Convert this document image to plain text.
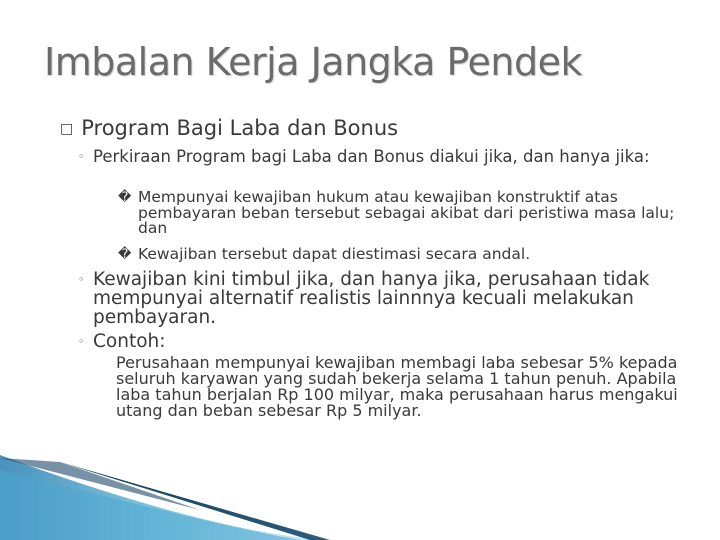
Imbalan Kerja Jangka Pendek
□ Program Bagi Laba dan Bonus
◦ Perkiraan Program bagi Laba dan Bonus diakui jika, dan hanya jika:
� Mempunyai kewajiban hukum atau kewajiban konstruktif atas pembayaran beban tersebut sebagai akibat dari peristiwa masa lalu; dan
� Kewajiban tersebut dapat diestimasi secara andal.
◦ Kewajiban kini timbul jika, dan hanya jika, perusahaan tidak mempunyai alternatif realistis lainnnya kecuali melakukan pembayaran.
◦ Contoh:
Perusahaan mempunyai kewajiban membagi laba sebesar 5% kepada seluruh karyawan yang sudah bekerja selama 1 tahun penuh. Apabila laba tahun berjalan Rp 100 milyar, maka perusahaan harus mengakui utang dan beban sebesar Rp 5 milyar.
